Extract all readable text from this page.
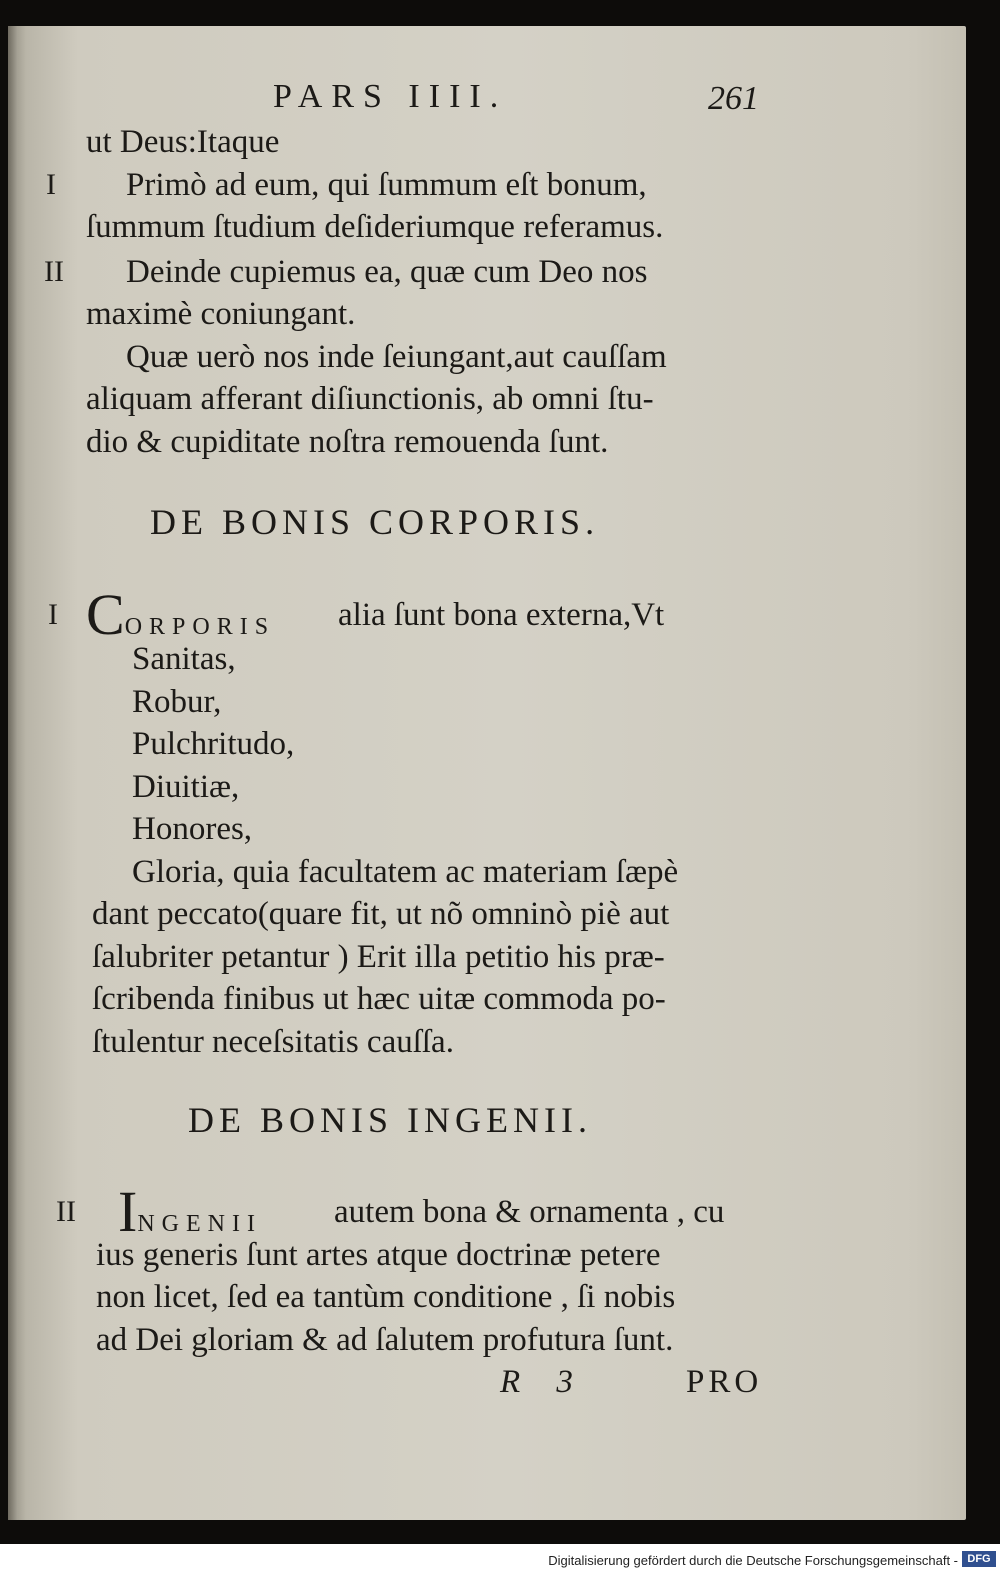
PARS IIII.	261
ut Deus:Itaque
I Primò ad eum, qui ſummum eſt bonum,
ſummum ſtudium deſideriumque referamus.
II Deinde cupiemus ea, quæ cum Deo nos
maximè coniungant.
Quæ uerò nos inde ſeiungant,aut cauſſam
aliquam afferant diſiunctionis, ab omni ſtu-
dio & cupiditate noſtra remouenda ſunt.
DE BONIS CORPORIS.
I CORPORIS	alia ſunt bona externa,Vt
Sanitas,
Robur,
Pulchritudo,
Diuitiæ,
Honores,
Gloria, quia facultatem ac materiam ſæpè
dant peccato(quare fit, ut nõ omninò piè aut
ſalubriter petantur ) Erit illa petitio his præ-
ſcribenda finibus ut hæc uitæ commoda po-
ſtulentur neceſsitatis cauſſa.
DE BONIS INGENII.
II INGENII	autem bona & ornamenta , cu
ius generis ſunt artes atque doctrinæ petere
non licet, ſed ea tantùm conditione , ſi nobis
ad Dei gloriam & ad ſalutem profutura ſunt.
R 3	PRO
Digitalisierung gefördert durch die Deutsche Forschungsgemeinschaft - DFG
